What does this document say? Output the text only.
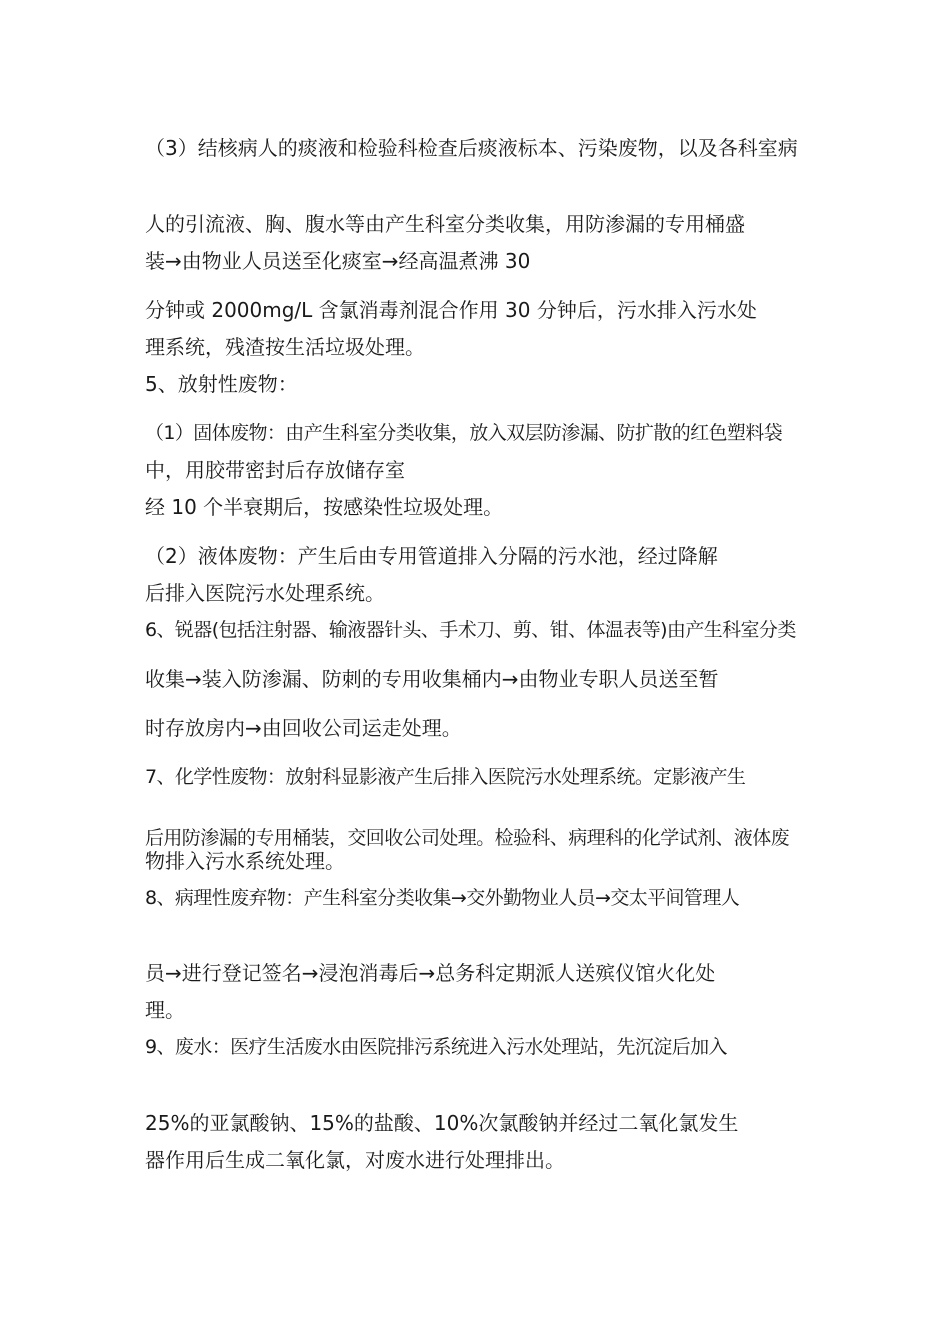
（3）结核病人的痰液和检验科检查后痰液标本、污染废物，以及各科室病
人的引流液、胸、腹水等由产生科室分类收集，用防渗漏的专用桶盛
装→由物业人员送至化痰室→经高温煮沸 30
分钟或 2000mg/L 含氯消毒剂混合作用 30 分钟后，污水排入污水处
理系统，残渣按生活垃圾处理。
5、放射性废物：
（1）固体废物：由产生科室分类收集，放入双层防渗漏、防扩散的红色塑料袋
中，用胶带密封后存放储存室
经 10 个半衰期后，按感染性垃圾处理。
（2）液体废物：产生后由专用管道排入分隔的污水池，经过降解
后排入医院污水处理系统。
6、锐器(包括注射器、输液器针头、手术刀、剪、钳、体温表等)由产生科室分类
收集→装入防渗漏、防刺的专用收集桶内→由物业专职人员送至暂
时存放房内→由回收公司运走处理。
7、化学性废物：放射科显影液产生后排入医院污水处理系统。定影液产生
后用防渗漏的专用桶装，交回收公司处理。检验科、病理科的化学试剂、液体废
物排入污水系统处理。
8、病理性废弃物：产生科室分类收集→交外勤物业人员→交太平间管理人
员→进行登记签名→浸泡消毒后→总务科定期派人送殡仪馆火化处
理。
9、废水：医疗生活废水由医院排污系统进入污水处理站，先沉淀后加入
25%的亚氯酸钠、15%的盐酸、10%次氯酸钠并经过二氧化氯发生
器作用后生成二氧化氯，对废水进行处理排出。
